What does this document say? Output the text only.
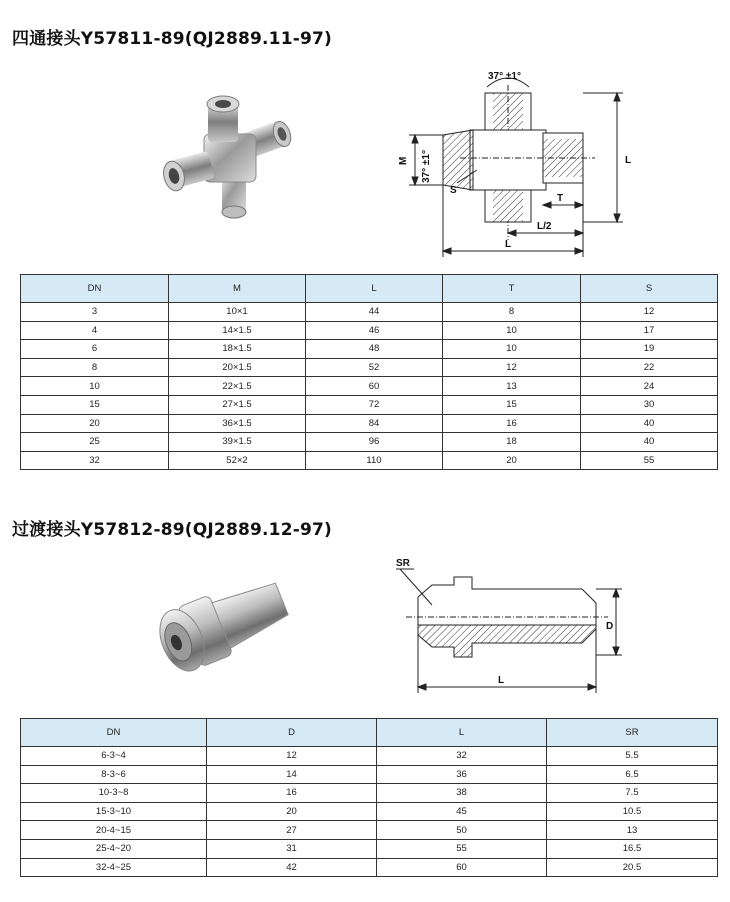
四通接头Y57811-89(QJ2889.11-97)
37° ±1°
37° ±1°
M
S
T
L/2
L
L
DN	M	L	T	S
3	10×1	44	8	12
4	14×1.5	46	10	17
6	18×1.5	48	10	19
8	20×1.5	52	12	22
10	22×1.5	60	13	24
15	27×1.5	72	15	30
20	36×1.5	84	16	40
25	39×1.5	96	18	40
32	52×2	110	20	55
过渡接头Y57812-89(QJ2889.12-97)
SR
D
L
DN	D	L	SR
6-3~4	12	32	5.5
8-3~6	14	36	6.5
10-3~8	16	38	7.5
15-3~10	20	45	10.5
20-4~15	27	50	13
25-4~20	31	55	16.5
32-4~25	42	60	20.5
